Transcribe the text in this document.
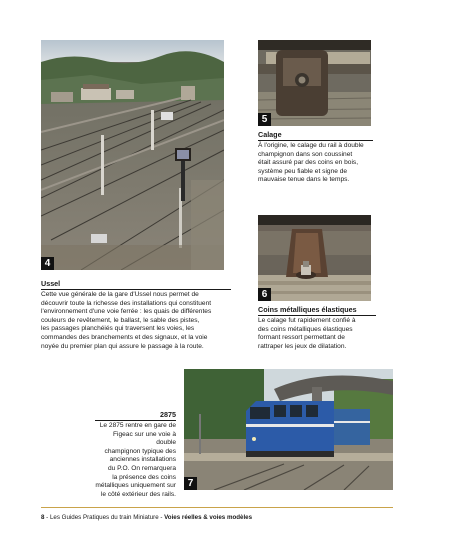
4
5
Calage
À l'origine, le calage du rail à double
champignon dans son coussinet
était assuré par des coins en bois,
système peu fiable et signe de
mauvaise tenue dans le temps.
6
Ussel
Cette vue générale de la gare d'Ussel nous permet de
découvrir toute la richesse des installations qui constituent
l'environnement d'une voie ferrée : les quais de différentes
couleurs de revêtement, le ballast, le sable des pistes,
les passages planchéiés qui traversent les voies, les
commandes des branchements et des signaux, et la voie
noyée du premier plan qui assure le passage à la route.
Coins métalliques élastiques
Le calage fut rapidement confié à
des coins métalliques élastiques
formant ressort permettant de
rattraper les jeux de dilatation.
2875
Le 2875 rentre en gare de
Figeac sur une voie à double
champignon typique des
anciennes installations
du P.O. On remarquera
la présence des coins
métalliques uniquement sur
le côté extérieur des rails.
7
8 - Les Guides Pratiques du train Miniature - Voies réelles & voies modèles
